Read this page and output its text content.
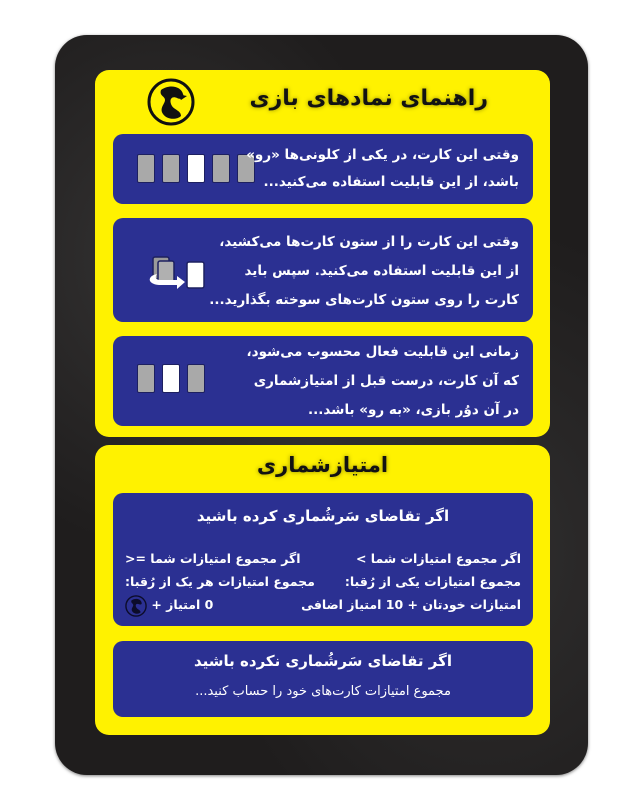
راهنمای نمادهای بازی
وقتی این کارت، در یکی از کلونی‌ها «رو»
باشد، از این قابلیت استفاده می‌کنید...
وقتی این کارت را از ستون کارت‌ها می‌کشید،
از این قابلیت استفاده می‌کنید. سپس باید
کارت را روی ستون کارت‌های سوخته بگذارید...
زمانی این قابلیت فعال محسوب می‌شود،
که آن کارت، درست قبل از امتیازشماری
در آن دوُر بازی، «به رو» باشد...
امتیازشماری
اگر تقاضای سَرشُماری کرده باشید
اگر مجموع امتیازات شما >
اگر مجموع امتیازات شما =<
مجموع امتیازات یکی از رُقبا:
مجموع امتیازات هر یک از رُقبا:
امتیازات خودتان + 10 امتیاز اضافی
0 امتیاز +
اگر تقاضای سَرشُماری نکرده باشید
مجموع امتیازات کارت‌های خود را حساب کنید...
